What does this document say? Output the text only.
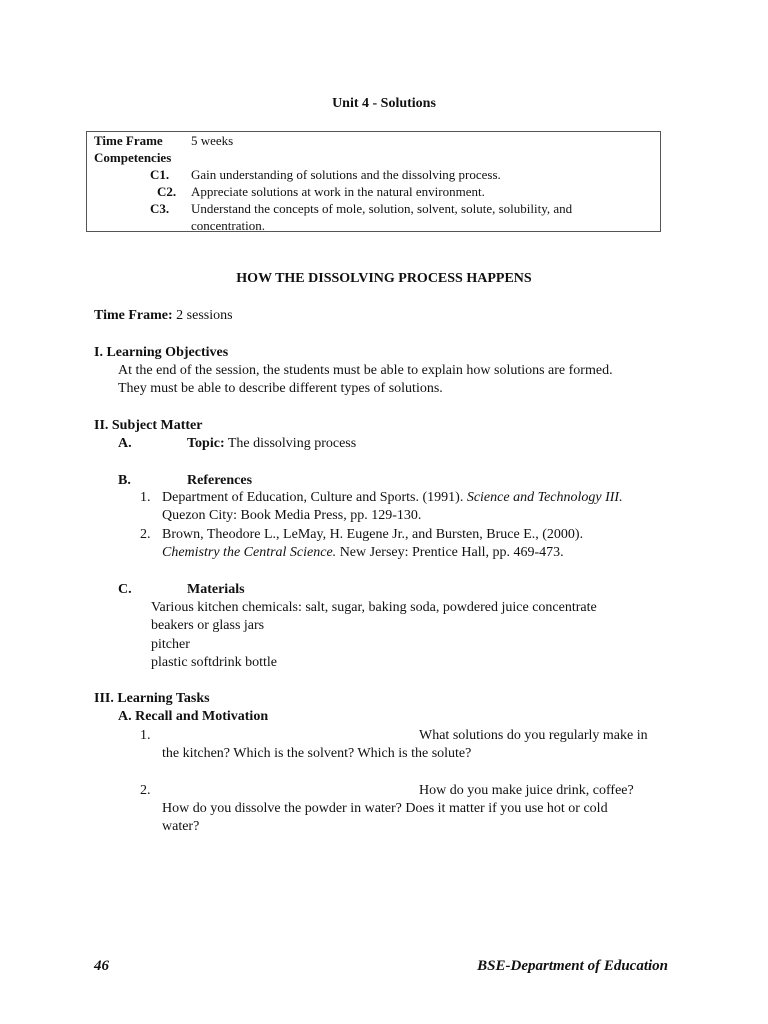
Unit 4 - Solutions
Time Frame 5 weeks
Competencies
C1. Gain understanding of solutions and the dissolving process.
C2. Appreciate solutions at work in the natural environment.
C3. Understand the concepts of mole, solution, solvent, solute, solubility, and
concentration.
HOW THE DISSOLVING PROCESS HAPPENS
Time Frame: 2 sessions
I. Learning Objectives
At the end of the session, the students must be able to explain how solutions are formed.
They must be able to describe different types of solutions.
II. Subject Matter
A.	Topic: The dissolving process
B.	References
1. Department of Education, Culture and Sports. (1991). Science and Technology III.
Quezon City: Book Media Press, pp. 129-130.
2. Brown, Theodore L., LeMay, H. Eugene Jr., and Bursten, Bruce E., (2000).
Chemistry the Central Science. New Jersey: Prentice Hall, pp. 469-473.
C.	Materials
Various kitchen chemicals: salt, sugar, baking soda, powdered juice concentrate
beakers or glass jars
pitcher
plastic softdrink bottle
III. Learning Tasks
A. Recall and Motivation
1.	What solutions do you regularly make in
the kitchen? Which is the solvent? Which is the solute?
2.	How do you make juice drink, coffee?
How do you dissolve the powder in water? Does it matter if you use hot or cold
water?
46	BSE-Department of Education
